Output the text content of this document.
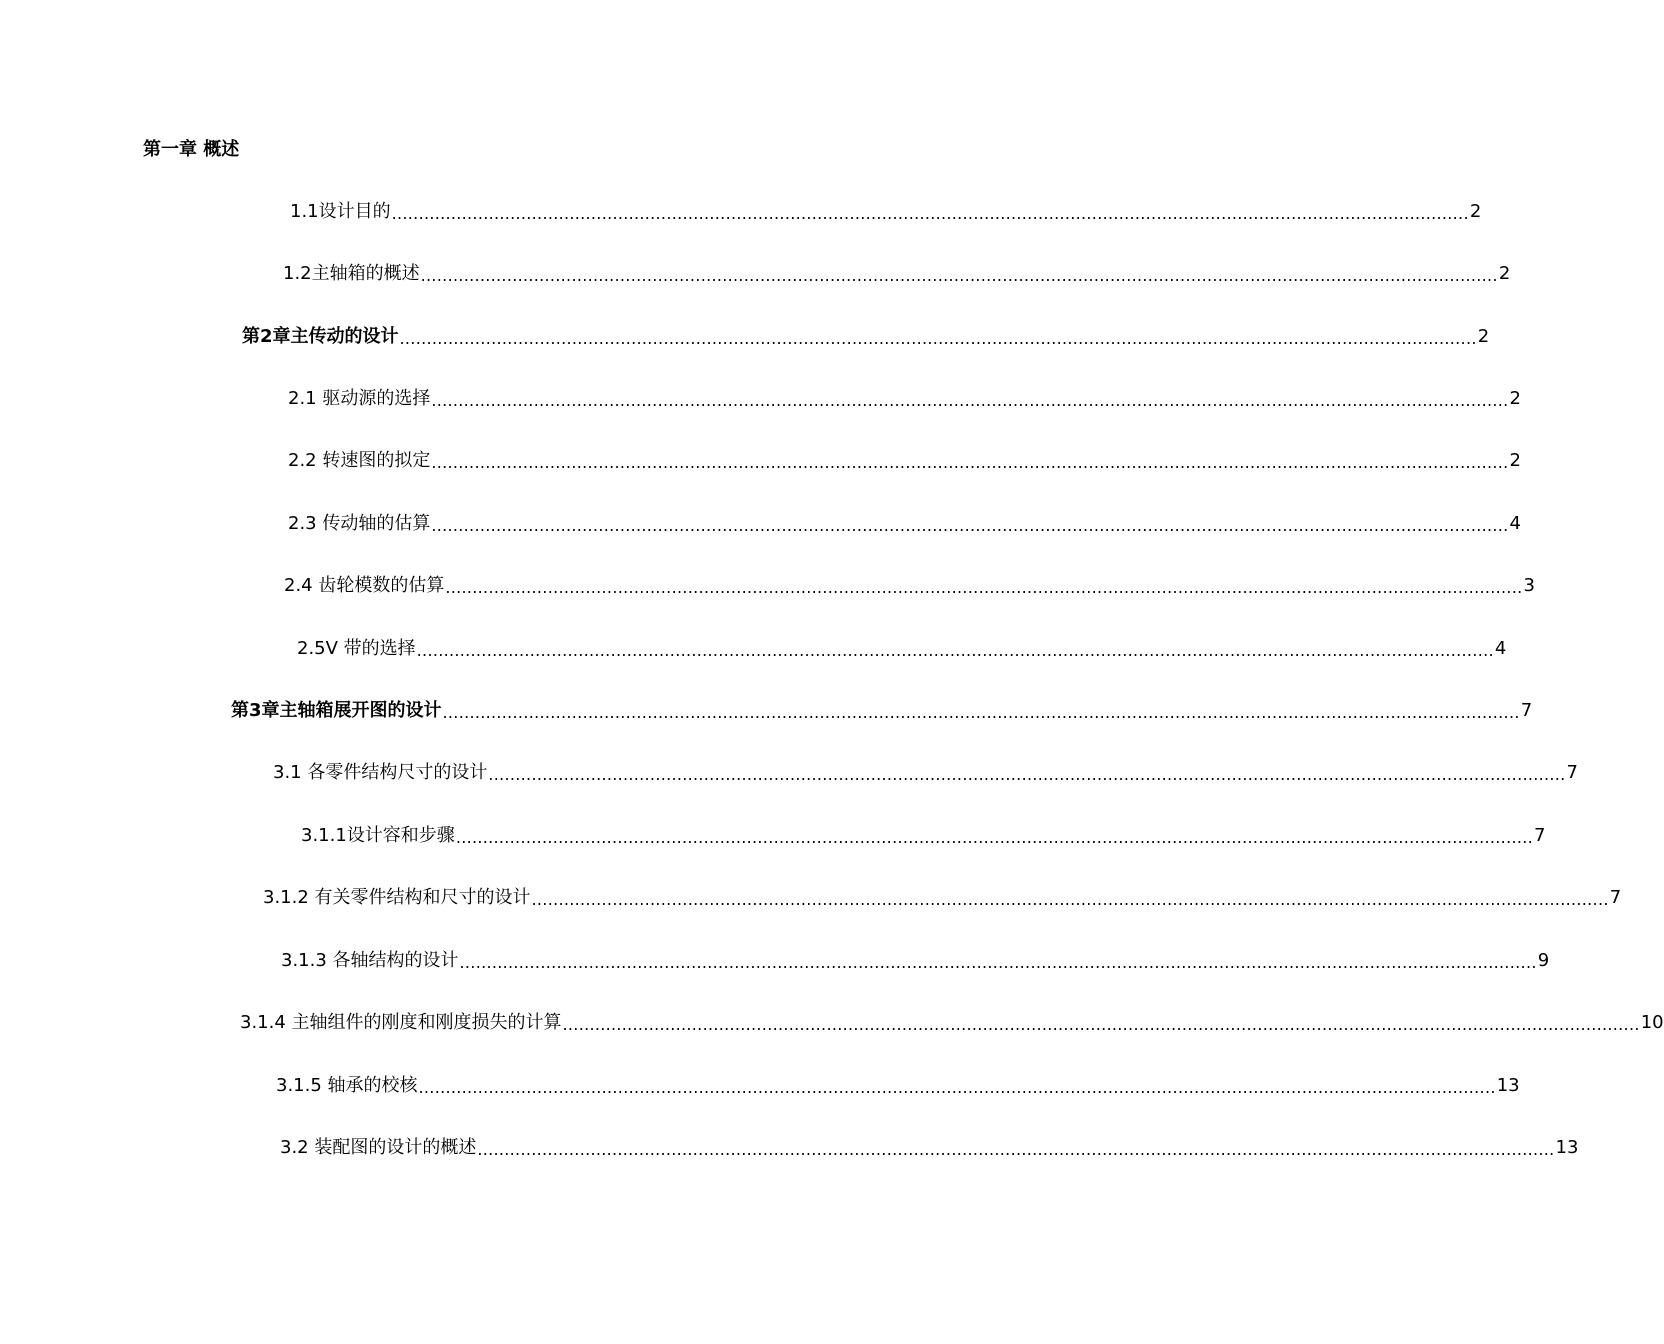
第一章 概述
1.1 设计目的 ........................................................................................................................................................................................................ 2
1.2 主轴箱的概述 ........................................................................................................................................................................................................ 2
第2章 主传动的设计 ........................................................................................................................................................................................................ 2
2.1 驱动源的选择 ........................................................................................................................................................................................................ 2
2.2 转速图的拟定 ........................................................................................................................................................................................................ 2
2.3 传动轴的估算 ........................................................................................................................................................................................................ 4
2.4 齿轮模数的估算 ........................................................................................................................................................................................................ 3
2.5V 带的选择 ........................................................................................................................................................................................................ 4
第3章 主轴箱展开图的设计 ........................................................................................................................................................................................................ 7
3.1 各零件结构尺寸的设计 ........................................................................................................................................................................................................ 7
3.1.1 设计容和步骤 ........................................................................................................................................................................................................ 7
3.1.2 有关零件结构和尺寸的设计 ........................................................................................................................................................................................................ 7
3.1.3 各轴结构的设计 ........................................................................................................................................................................................................ 9
3.1.4 主轴组件的刚度和刚度损失的计算 ........................................................................................................................................................................................................ 10
3.1.5 轴承的校核 ........................................................................................................................................................................................................ 13
3.2 装配图的设计的概述 ........................................................................................................................................................................................................ 13
